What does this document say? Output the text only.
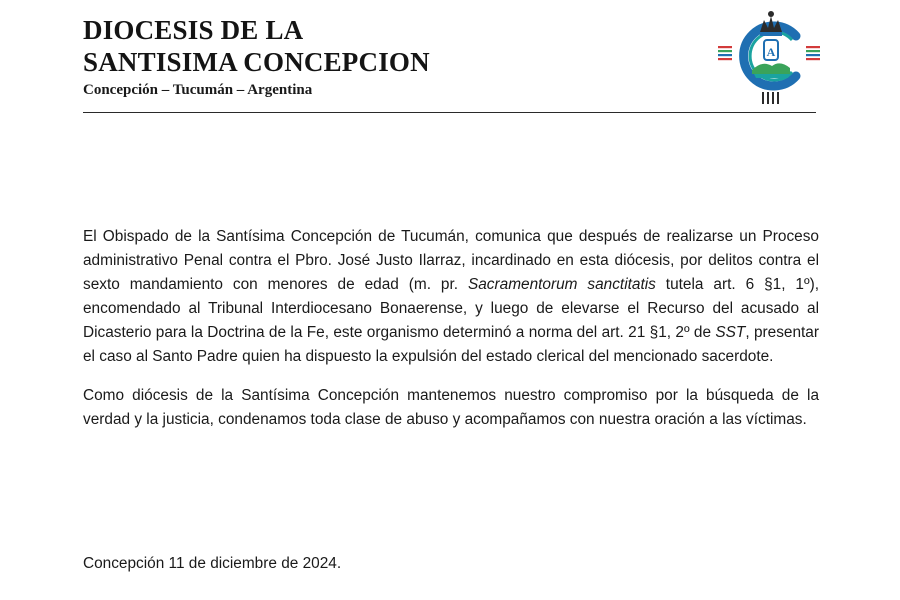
DIOCESIS DE LA
SANTISIMA CONCEPCION
Concepción – Tucumán – Argentina
A

El Obispado de la Santísima Concepción de Tucumán, comunica que después de realizarse un Proceso administrativo Penal contra el Pbro. José Justo Ilarraz, incardinado en esta diócesis, por delitos contra el sexto mandamiento con menores de edad (m. pr. Sacramentorum sanctitatis tutela art. 6 §1, 1º), encomendado al Tribunal Interdiocesano Bonaerense, y luego de elevarse el Recurso del acusado al Dicasterio para la Doctrina de la Fe, este organismo determinó a norma del art. 21 §1, 2º de SST, presentar el caso al Santo Padre quien ha dispuesto la expulsión del estado clerical del mencionado sacerdote.

Como diócesis de la Santísima Concepción mantenemos nuestro compromiso por la búsqueda de la verdad y la justicia, condenamos toda clase de abuso y acompañamos con nuestra oración a las víctimas.

Concepción 11 de diciembre de 2024.
